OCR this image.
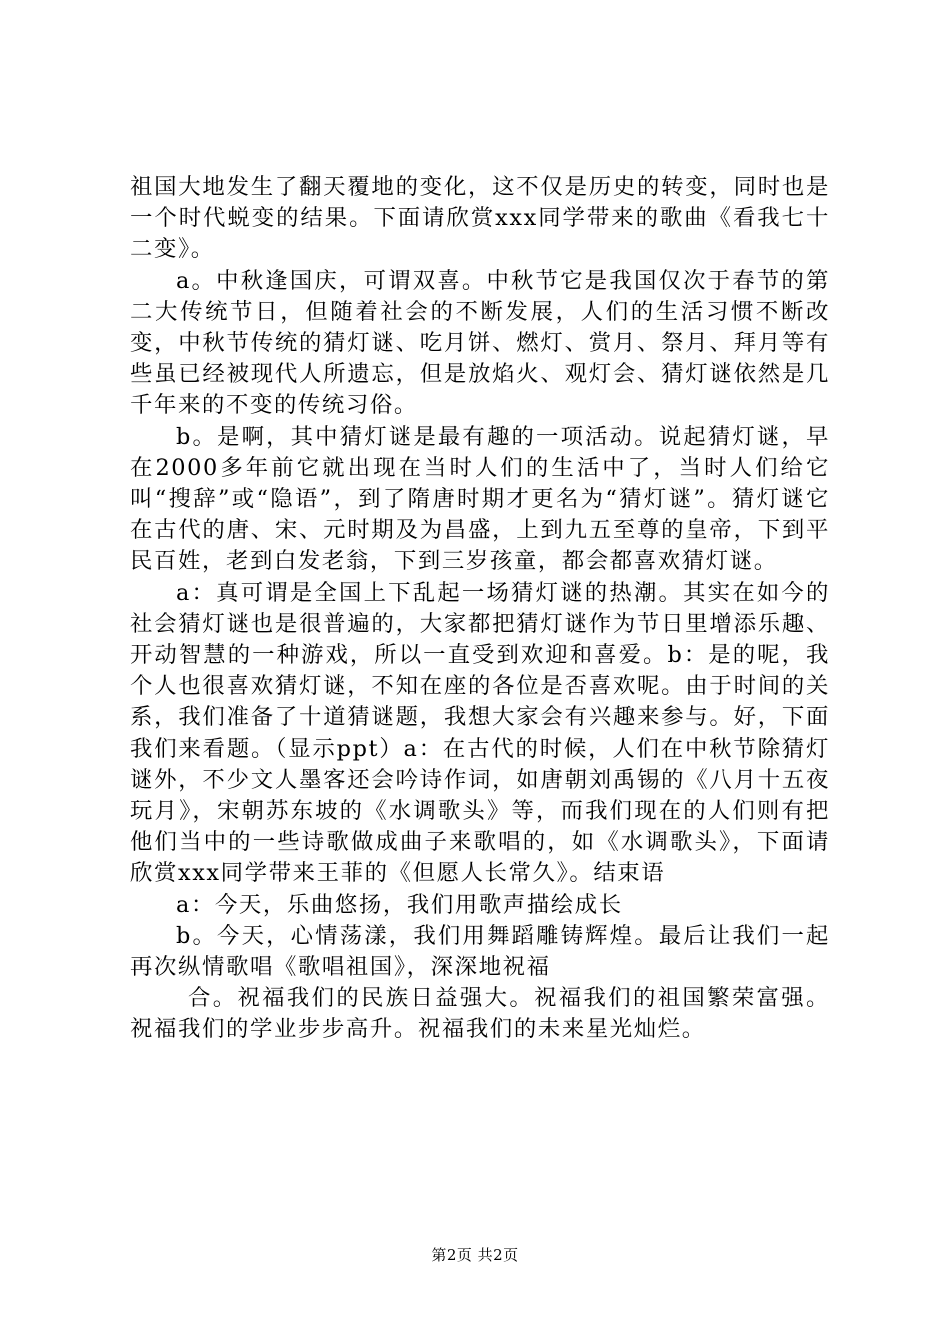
祖国大地发生了翻天覆地的变化，这不仅是历史的转变，同时也是一个时代蜕变的结果。下面请欣赏xxx同学带来的歌曲《看我七十二变》。

a。中秋逢国庆，可谓双喜。中秋节它是我国仅次于春节的第二大传统节日，但随着社会的不断发展，人们的生活习惯不断改变，中秋节传统的猜灯谜、吃月饼、燃灯、赏月、祭月、拜月等有些虽已经被现代人所遗忘，但是放焰火、观灯会、猜灯谜依然是几千年来的不变的传统习俗。

b。是啊，其中猜灯谜是最有趣的一项活动。说起猜灯谜，早在2000多年前它就出现在当时人们的生活中了，当时人们给它叫“搜辞”或“隐语”，到了隋唐时期才更名为“猜灯谜”。猜灯谜它在古代的唐、宋、元时期及为昌盛，上到九五至尊的皇帝，下到平民百姓，老到白发老翁，下到三岁孩童，都会都喜欢猜灯谜。

a：真可谓是全国上下乱起一场猜灯谜的热潮。其实在如今的社会猜灯谜也是很普遍的，大家都把猜灯谜作为节日里增添乐趣、开动智慧的一种游戏，所以一直受到欢迎和喜爱。b：是的呢，我个人也很喜欢猜灯谜，不知在座的各位是否喜欢呢。由于时间的关系，我们准备了十道猜谜题，我想大家会有兴趣来参与。好，下面我们来看题。（显示ppt）a：在古代的时候，人们在中秋节除猜灯谜外，不少文人墨客还会吟诗作词，如唐朝刘禹锡的《八月十五夜玩月》，宋朝苏东坡的《水调歌头》等，而我们现在的人们则有把他们当中的一些诗歌做成曲子来歌唱的，如《水调歌头》，下面请欣赏xxx同学带来王菲的《但愿人长常久》。结束语

a：今天，乐曲悠扬，我们用歌声描绘成长

b。今天，心情荡漾，我们用舞蹈雕铸辉煌。最后让我们一起再次纵情歌唱《歌唱祖国》，深深地祝福

合。祝福我们的民族日益强大。祝福我们的祖国繁荣富强。祝福我们的学业步步高升。祝福我们的未来星光灿烂。

第2页 共2页
